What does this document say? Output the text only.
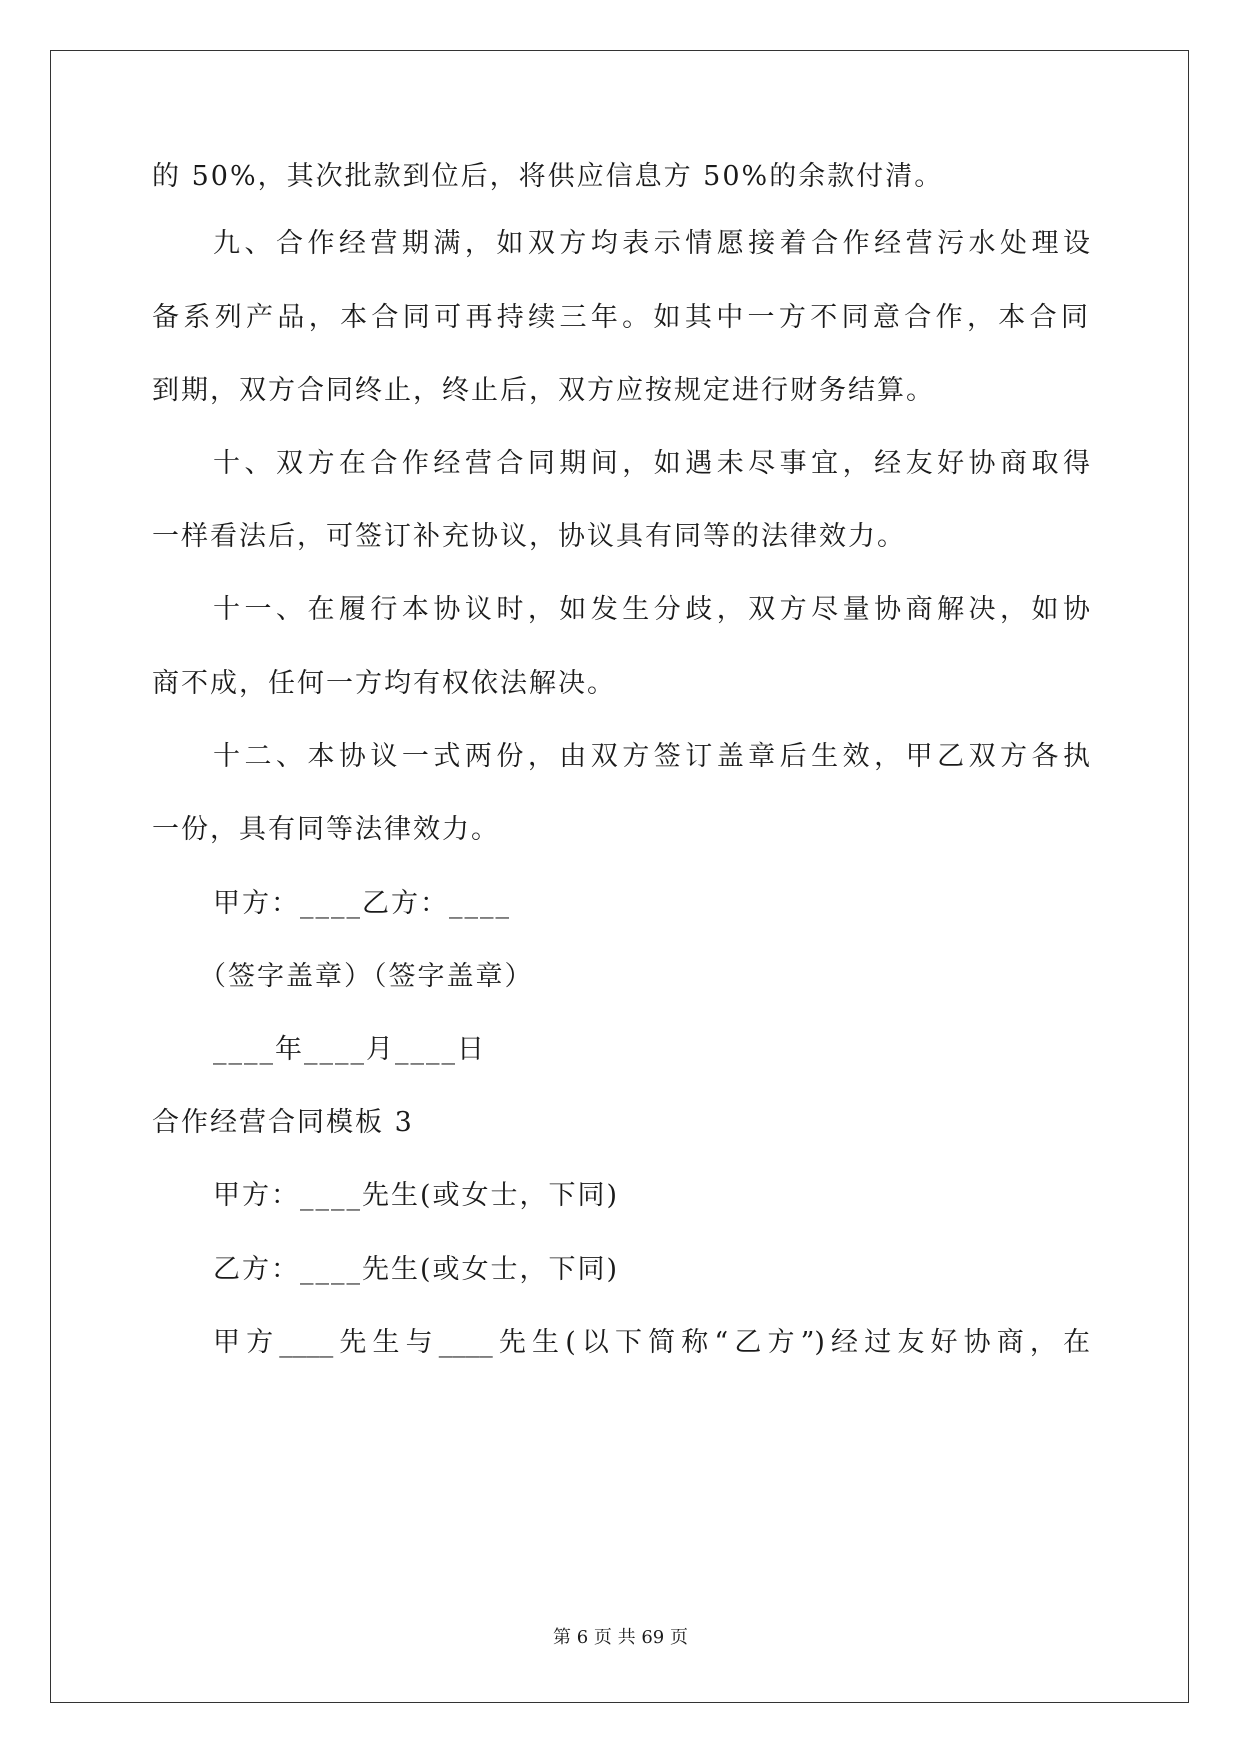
的 50%，其次批款到位后，将供应信息方 50%的余款付清。
九、合作经营期满，如双方均表示情愿接着合作经营污水处理设
备系列产品，本合同可再持续三年。如其中一方不同意合作，本合同
到期，双方合同终止，终止后，双方应按规定进行财务结算。
十、双方在合作经营合同期间，如遇未尽事宜，经友好协商取得
一样看法后，可签订补充协议，协议具有同等的法律效力。
十一、在履行本协议时，如发生分歧，双方尽量协商解决，如协
商不成，任何一方均有权依法解决。
十二、本协议一式两份，由双方签订盖章后生效，甲乙双方各执
一份，具有同等法律效力。
甲方：____乙方：____
（签字盖章）（签字盖章）
____年____月____日
合作经营合同模板 3
甲方：____先生(或女士，下同)
乙方：____先生(或女士，下同)
甲方____先生与____先生(以下简称“乙方”)经过友好协商，在
第 6 页 共 69 页
